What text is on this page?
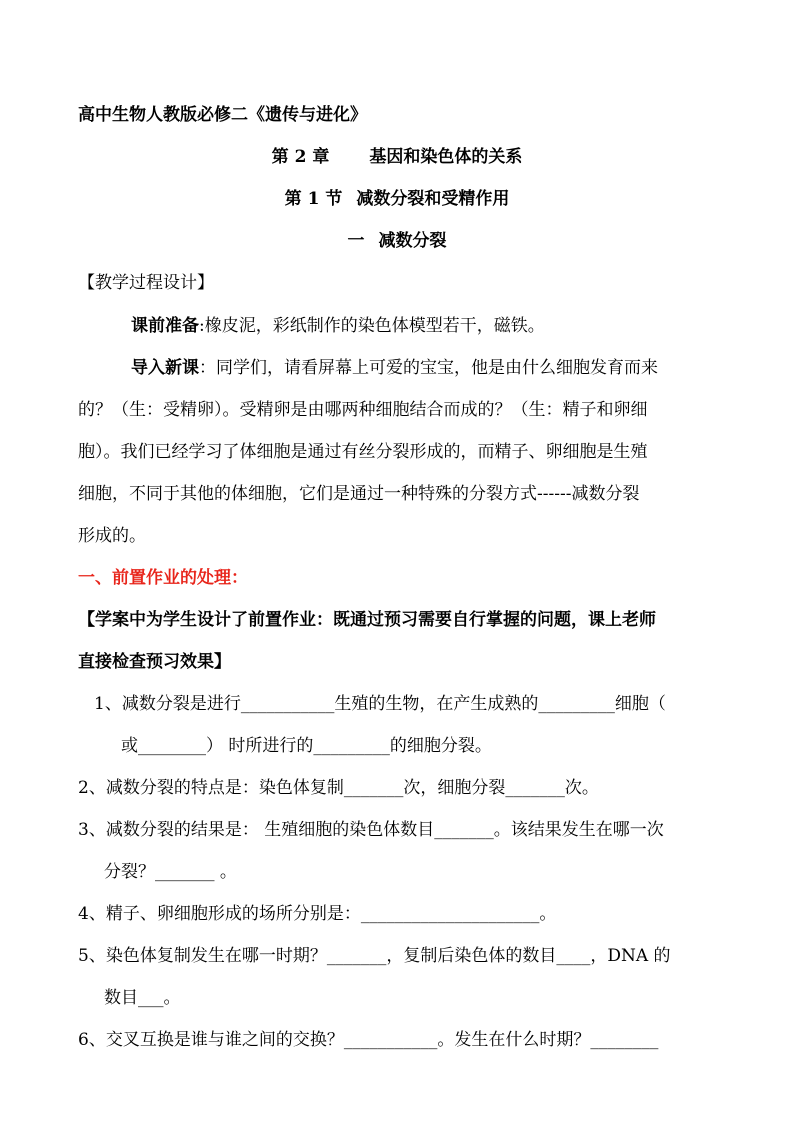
高中生物人教版必修二《遗传与进化》
第 2 章 基因和染色体的关系
第 1 节 减数分裂和受精作用
一 减数分裂
【教学过程设计】
课前准备:橡皮泥，彩纸制作的染色体模型若干，磁铁。
导入新课：同学们，请看屏幕上可爱的宝宝，他是由什么细胞发育而来
的？（生：受精卵）。受精卵是由哪两种细胞结合而成的？（生：精子和卵细
胞）。我们已经学习了体细胞是通过有丝分裂形成的，而精子、卵细胞是生殖
细胞，不同于其他的体细胞，它们是通过一种特殊的分裂方式------减数分裂
形成的。
一、前置作业的处理：
【学案中为学生设计了前置作业：既通过预习需要自行掌握的问题，课上老师
直接检查预习效果】
1、减数分裂是进行___________生殖的生物，在产生成熟的_________细胞（
或________） 时所进行的_________的细胞分裂。
2、减数分裂的特点是：染色体复制_______次，细胞分裂_______次。
3、减数分裂的结果是： 生殖细胞的染色体数目_______。该结果发生在哪一次
分裂？_______ 。
4、精子、卵细胞形成的场所分别是：_____________________。
5、染色体复制发生在哪一时期？_______，复制后染色体的数目____，DNA 的
数目___。
6、交叉互换是谁与谁之间的交换？___________。发生在什么时期？________
